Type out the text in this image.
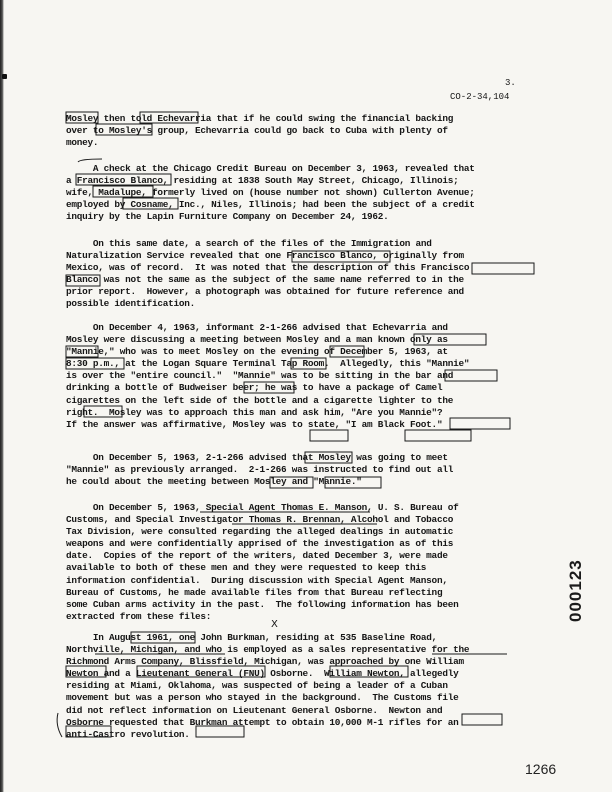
3.
CO-2-34,104

Mosley then told Echevarria that if he could swing the financial backing
over to Mosley's group, Echevarria could go back to Cuba with plenty of
money.

A check at the Chicago Credit Bureau on December 3, 1963, revealed that
a Francisco Blanco, residing at 1838 South May Street, Chicago, Illinois;
wife, Madalupe, formerly lived on (house number not shown) Cullerton Avenue;
employed by Cosname, Inc., Niles, Illinois; had been the subject of a credit
inquiry by the Lapin Furniture Company on December 24, 1962.

On this same date, a search of the files of the Immigration and
Naturalization Service revealed that one Francisco Blanco, originally from
Mexico, was of record.  It was noted that the description of this Francisco
Blanco was not the same as the subject of the same name referred to in the
prior report.  However, a photograph was obtained for future reference and
possible identification.

On December 4, 1963, informant 2-1-266 advised that Echevarria and
Mosley were discussing a meeting between Mosley and a man known only as
"Mannie," who was to meet Mosley on the evening of December 5, 1963, at
8:30 p.m., at the Logan Square Terminal Tap Room.  Allegedly, this "Mannie"
is over the "entire council."  "Mannie" was to be sitting in the bar and
drinking a bottle of Budweiser beer; he was to have a package of Camel
cigarettes on the left side of the bottle and a cigarette lighter to the
right.  Mosley was to approach this man and ask him, "Are you Mannie"?
If the answer was affirmative, Mosley was to state, "I am Black Foot."

On December 5, 1963, 2-1-266 advised that Mosley was going to meet
"Mannie" as previously arranged.  2-1-266 was instructed to find out all
he could about the meeting between Mosley and "Mannie."

On December 5, 1963, Special Agent Thomas E. Manson, U. S. Bureau of
Customs, and Special Investigator Thomas R. Brennan, Alcohol and Tobacco
Tax Division, were consulted regarding the alleged dealings in automatic
weapons and were confidentially apprised of the investigation as of this
date.  Copies of the report of the writers, dated December 3, were made
available to both of these men and they were requested to keep this
information confidential.  During discussion with Special Agent Manson,
Bureau of Customs, he made available files from that Bureau reflecting
some Cuban arms activity in the past.  The following information has been
extracted from these files:

In August 1961, one John Burkman, residing at 535 Baseline Road,
Northville, Michigan, and who is employed as a sales representative for the
Richmond Arms Company, Blissfield, Michigan, was approached by one William
Newton and a Lieutenant General (FNU) Osborne.  William Newton, allegedly
residing at Miami, Oklahoma, was suspected of being a leader of a Cuban
movement but was a person who stayed in the background.  The Customs file
did not reflect information on Lieutenant General Osborne.  Newton and
Osborne requested that Burkman attempt to obtain 10,000 M-1 rifles for an
anti-Castro revolution.

X
000123
1266
